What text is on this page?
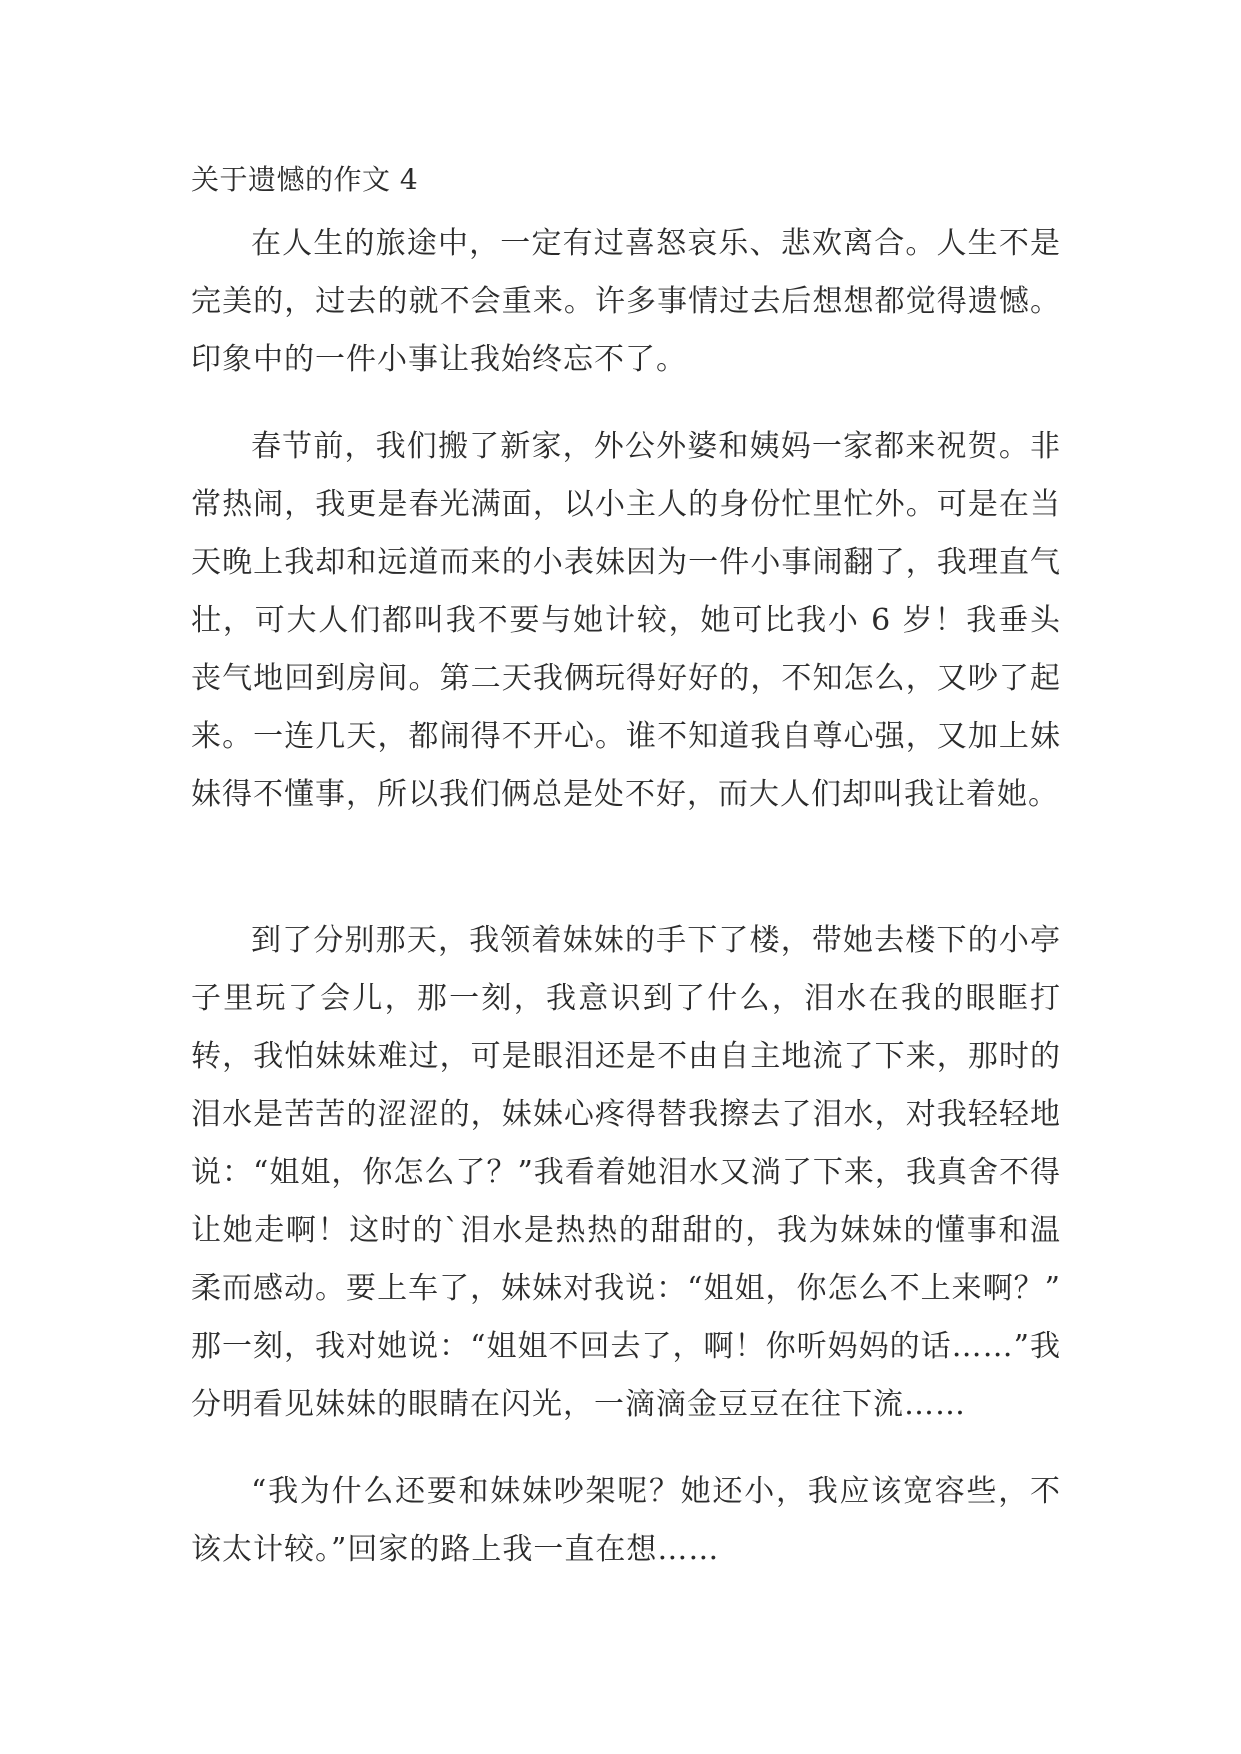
关于遗憾的作文 4

在人生的旅途中，一定有过喜怒哀乐、悲欢离合。人生不是完美的，过去的就不会重来。许多事情过去后想想都觉得遗憾。印象中的一件小事让我始终忘不了。

春节前，我们搬了新家，外公外婆和姨妈一家都来祝贺。非常热闹，我更是春光满面，以小主人的身份忙里忙外。可是在当天晚上我却和远道而来的小表妹因为一件小事闹翻了，我理直气壮，可大人们都叫我不要与她计较，她可比我小 6 岁！我垂头丧气地回到房间。第二天我俩玩得好好的，不知怎么，又吵了起来。一连几天，都闹得不开心。谁不知道我自尊心强，又加上妹妹得不懂事，所以我们俩总是处不好，而大人们却叫我让着她。

到了分别那天，我领着妹妹的手下了楼，带她去楼下的小亭子里玩了会儿，那一刻，我意识到了什么，泪水在我的眼眶打转，我怕妹妹难过，可是眼泪还是不由自主地流了下来，那时的泪水是苦苦的涩涩的，妹妹心疼得替我擦去了泪水，对我轻轻地说：“姐姐，你怎么了？”我看着她泪水又淌了下来，我真舍不得让她走啊！这时的`泪水是热热的甜甜的，我为妹妹的懂事和温柔而感动。要上车了，妹妹对我说：“姐姐，你怎么不上来啊？” 那一刻，我对她说：“姐姐不回去了，啊！你听妈妈的话……”我分明看见妹妹的眼睛在闪光，一滴滴金豆豆在往下流……

“我为什么还要和妹妹吵架呢？她还小，我应该宽容些，不该太计较。”回家的路上我一直在想……
